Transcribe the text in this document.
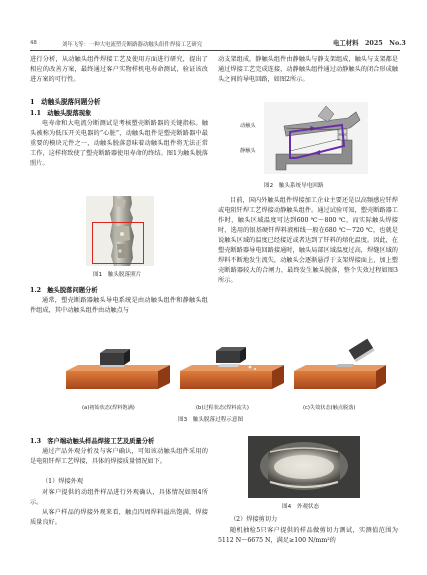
48	刘年飞等：一种大电流塑壳断路器动触头组件焊接工艺研究	电工材料　2025　No.3
进行分析，从动触头组件焊接工艺及使用方面进行研究，提出了相应的改善方案，最终通过客户实物样机电寿命测试，验证该改进方案的可行性。
1　动触头脱落问题分析
1.1　动触头脱落现象
电寿命和大电流分断测试是考核塑壳断路器的关键指标。触头被称为低压开关电器的“心脏”，动触头组件是塑壳断路器中最重要的模块元件之一，动触头脱落意味着动触头组件将无法正常工作，这样将致使了塑壳断路器使用寿命的终结。图1为触头脱落照片。
图1　触头脱落照片
1.2　触头脱落问题分析
通常，塑壳断路器触头导电系统是由动触头组件和静触头组件组成，其中动触头组件由动触点与
动支架组成，静触头组件由静触头与静支架组成，触头与支架都是通过焊接工艺完成连接，动静触头组件通过动静触头的闭合形成触头之间的导电回路，如图2所示。
动触头
静触头
图2　触头系统导电回路
目前，国内外触头组件焊接加工企业主要还是以高频感应钎焊或电阻钎焊工艺焊接动静触头组件。通过试验可知，塑壳断路器工作时，触头区域温度可达到600 ℃～800 ℃，而实际触头焊接时，选用的银基硬钎焊料液相线一般在680 ℃～720 ℃，也就是说触头区域的温度已经接近或者达到了钎料的熔化温度。因此，在塑壳断路器导电回路接通时，触头局部区域温度过高，焊缝区域的焊料不断地发生流失，动触头会逐渐悬浮于支架焊接面上，加上塑壳断路器较大的合闸力，最终发生触头脱落，整个失效过程如图3所示。
(a)初始状态(焊料饱满)	(b)过程状态(焊料流失)	(c)失效状态(触点脱落)
图3　触头脱落过程示意图
1.3　客户端动触头样品焊接工艺及质量分析
通过产品外观分析及与客户确认，可知该动触头组件采用的是电阻钎焊工艺焊接，具体的焊接质量情况如下。
（1）焊接外观
对客户提供的动组件样品进行外观确认，具体情况如图4所示。
从客户样品的焊接外观来看，触点四周焊料溢出饱满，焊接质量良好。
图4　外观状态
（2）焊接剪切力
随机抽检5只客户提供的样品做剪切力测试，实测值范围为5112 N～6675 N，满足≥100 N/mm²的
